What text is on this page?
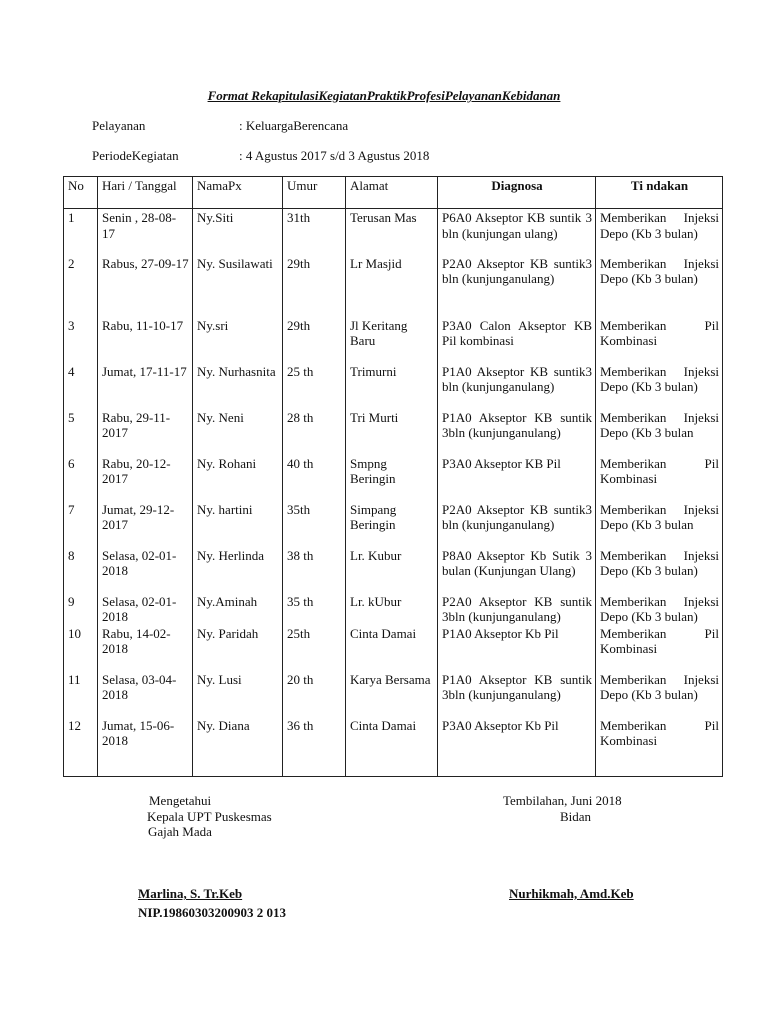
Format RekapitulasiKegiatanPraktikProfesiPelayananKebidanan
Pelayanan	: KeluargaBerencana
PeriodeKegiatan	: 4 Agustus 2017 s/d 3 Agustus 2018
No	Hari / Tanggal	NamaPx	Umur	Alamat	Diagnosa	Ti ndakan
1	Senin , 28-08-17	Ny.Siti	31th	Terusan Mas	P6A0 Akseptor KB suntik 3 bln (kunjungan ulang)	Memberikan Injeksi Depo (Kb 3 bulan)
2	Rabus, 27-09-17	Ny. Susilawati	29th	Lr Masjid	P2A0 Akseptor KB suntik3 bln (kunjunganulang)	Memberikan Injeksi Depo (Kb 3 bulan)
3	Rabu, 11-10-17	Ny.sri	29th	Jl Keritang Baru	P3A0 Calon Akseptor KB Pil kombinasi	Memberikan Pil Kombinasi
4	Jumat, 17-11-17	Ny. Nurhasnita	25 th	Trimurni	P1A0 Akseptor KB suntik3 bln (kunjunganulang)	Memberikan Injeksi Depo (Kb 3 bulan)
5	Rabu, 29-11-2017	Ny. Neni	28 th	Tri Murti	P1A0 Akseptor KB suntik 3bln (kunjunganulang)	Memberikan Injeksi Depo (Kb 3 bulan
6	Rabu, 20-12-2017	Ny. Rohani	40 th	Smpng Beringin	P3A0 Akseptor KB Pil	Memberikan Pil Kombinasi
7	Jumat, 29-12-2017	Ny. hartini	35th	Simpang Beringin	P2A0 Akseptor KB suntik3 bln (kunjunganulang)	Memberikan Injeksi Depo (Kb 3 bulan
8	Selasa, 02-01-2018	Ny. Herlinda	38 th	Lr. Kubur	P8A0 Akseptor Kb Sutik 3 bulan (Kunjungan Ulang)	Memberikan Injeksi Depo (Kb 3 bulan)
9	Selasa, 02-01-2018	Ny.Aminah	35 th	Lr. kUbur	P2A0 Akseptor KB suntik 3bln (kunjunganulang)	Memberikan Injeksi Depo (Kb 3 bulan)
10	Rabu, 14-02-2018	Ny. Paridah	25th	Cinta Damai	P1A0 Akseptor Kb Pil	Memberikan Pil Kombinasi
11	Selasa, 03-04-2018	Ny. Lusi	20 th	Karya Bersama	P1A0 Akseptor KB suntik 3bln (kunjunganulang)	Memberikan Injeksi Depo (Kb 3 bulan)
12	Jumat, 15-06-2018	Ny. Diana	36 th	Cinta Damai	P3A0 Akseptor Kb Pil	Memberikan Pil Kombinasi

Mengetahui
Kepala UPT Puskesmas
Gajah Mada
Tembilahan, Juni 2018
Bidan
Marlina, S. Tr.Keb
NIP.19860303200903 2 013
Nurhikmah, Amd.Keb
